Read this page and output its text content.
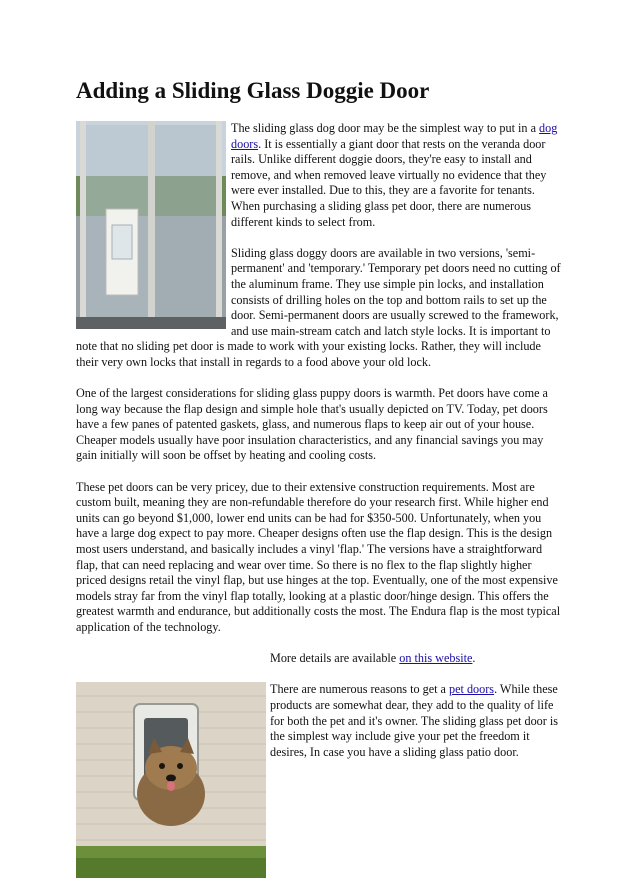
Adding a Sliding Glass Doggie Door

The sliding glass dog door may be the simplest way to put in a dog doors. It is essentially a giant door that rests on the veranda door rails. Unlike different doggie doors, they're easy to install and remove, and when removed leave virtually no evidence that they were ever installed. Due to this, they are a favorite for tenants. When purchasing a sliding glass pet door, there are numerous different kinds to select from.

Sliding glass doggy doors are available in two versions, 'semi-permanent' and 'temporary.' Temporary pet doors need no cutting of the aluminum frame. They use simple pin locks, and installation consists of drilling holes on the top and bottom rails to set up the door. Semi-permanent doors are usually screwed to the framework, and use main-stream catch and latch style locks. It is important to note that no sliding pet door is made to work with your existing locks. Rather, they will include their very own locks that install in regards to a food above your old lock.

One of the largest considerations for sliding glass puppy doors is warmth. Pet doors have come a long way because the flap design and simple hole that's usually depicted on TV. Today, pet doors have a few panes of patented gaskets, glass, and numerous flaps to keep air out of your house. Cheaper models usually have poor insulation characteristics, and any financial savings you may gain initially will soon be offset by heating and cooling costs.

These pet doors can be very pricey, due to their extensive construction requirements. Most are custom built, meaning they are non-refundable therefore do your research first. While higher end units can go beyond $1,000, lower end units can be had for $350-500. Unfortunately, when you have a large dog expect to pay more. Cheaper designs often use the flap design. This is the design most users understand, and basically includes a vinyl 'flap.' The versions have a straightforward flap, that can need replacing and wear over time. So there is no flex to the flap slightly higher priced designs retail the vinyl flap, but use hinges at the top. Eventually, one of the most expensive models stray far from the vinyl flap totally, looking at a plastic door/hinge design. This offers the greatest warmth and endurance, but additionally costs the most. The Endura flap is the most typical application of the technology.

More details are available on this website.

There are numerous reasons to get a pet doors. While these products are somewhat dear, they add to the quality of life for both the pet and it's owner. The sliding glass pet door is the simplest way include give your pet the freedom it desires, In case you have a sliding glass patio door.
